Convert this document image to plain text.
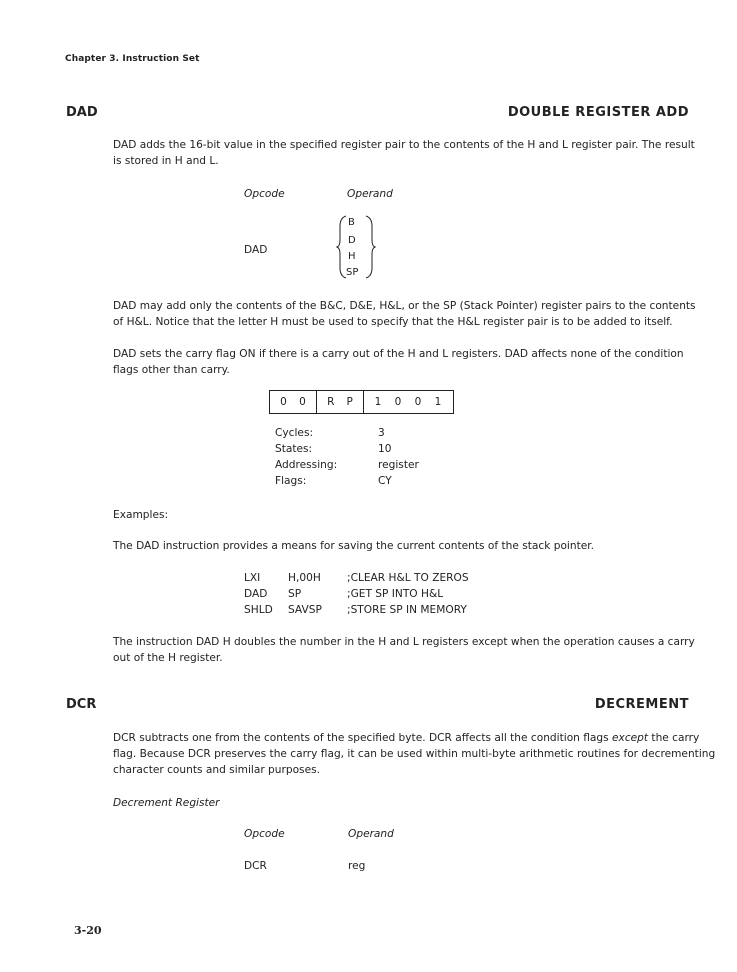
Chapter 3. Instruction Set
DAD	DOUBLE REGISTER ADD
DAD adds the 16-bit value in the specified register pair to the contents of the H and L register pair. The result
is stored in H and L.
Opcode	Operand
DAD
B
D
H
SP
DAD may add only the contents of the B&C, D&E, H&L, or the SP (Stack Pointer) register pairs to the contents
of H&L. Notice that the letter H must be used to specify that the H&L register pair is to be added to itself.
DAD sets the carry flag ON if there is a carry out of the H and L registers. DAD affects none of the condition
flags other than carry.
0 0 R P 1 0 0 1
Cycles:	3
States:	10
Addressing:	register
Flags:	CY
Examples:
The DAD instruction provides a means for saving the current contents of the stack pointer.
LXI	H,00H ;CLEAR H&L TO ZEROS
DAD SP	;GET SP INTO H&L
SHLD SAVSP ;STORE SP IN MEMORY
The instruction DAD H doubles the number in the H and L registers except when the operation causes a carry
out of the H register.
DCR	DECREMENT
DCR subtracts one from the contents of the specified byte. DCR affects all the condition flags except the carry
flag. Because DCR preserves the carry flag, it can be used within multi-byte arithmetic routines for decrementing
character counts and similar purposes.
Decrement Register
Opcode	Operand
DCR	reg
3-20
